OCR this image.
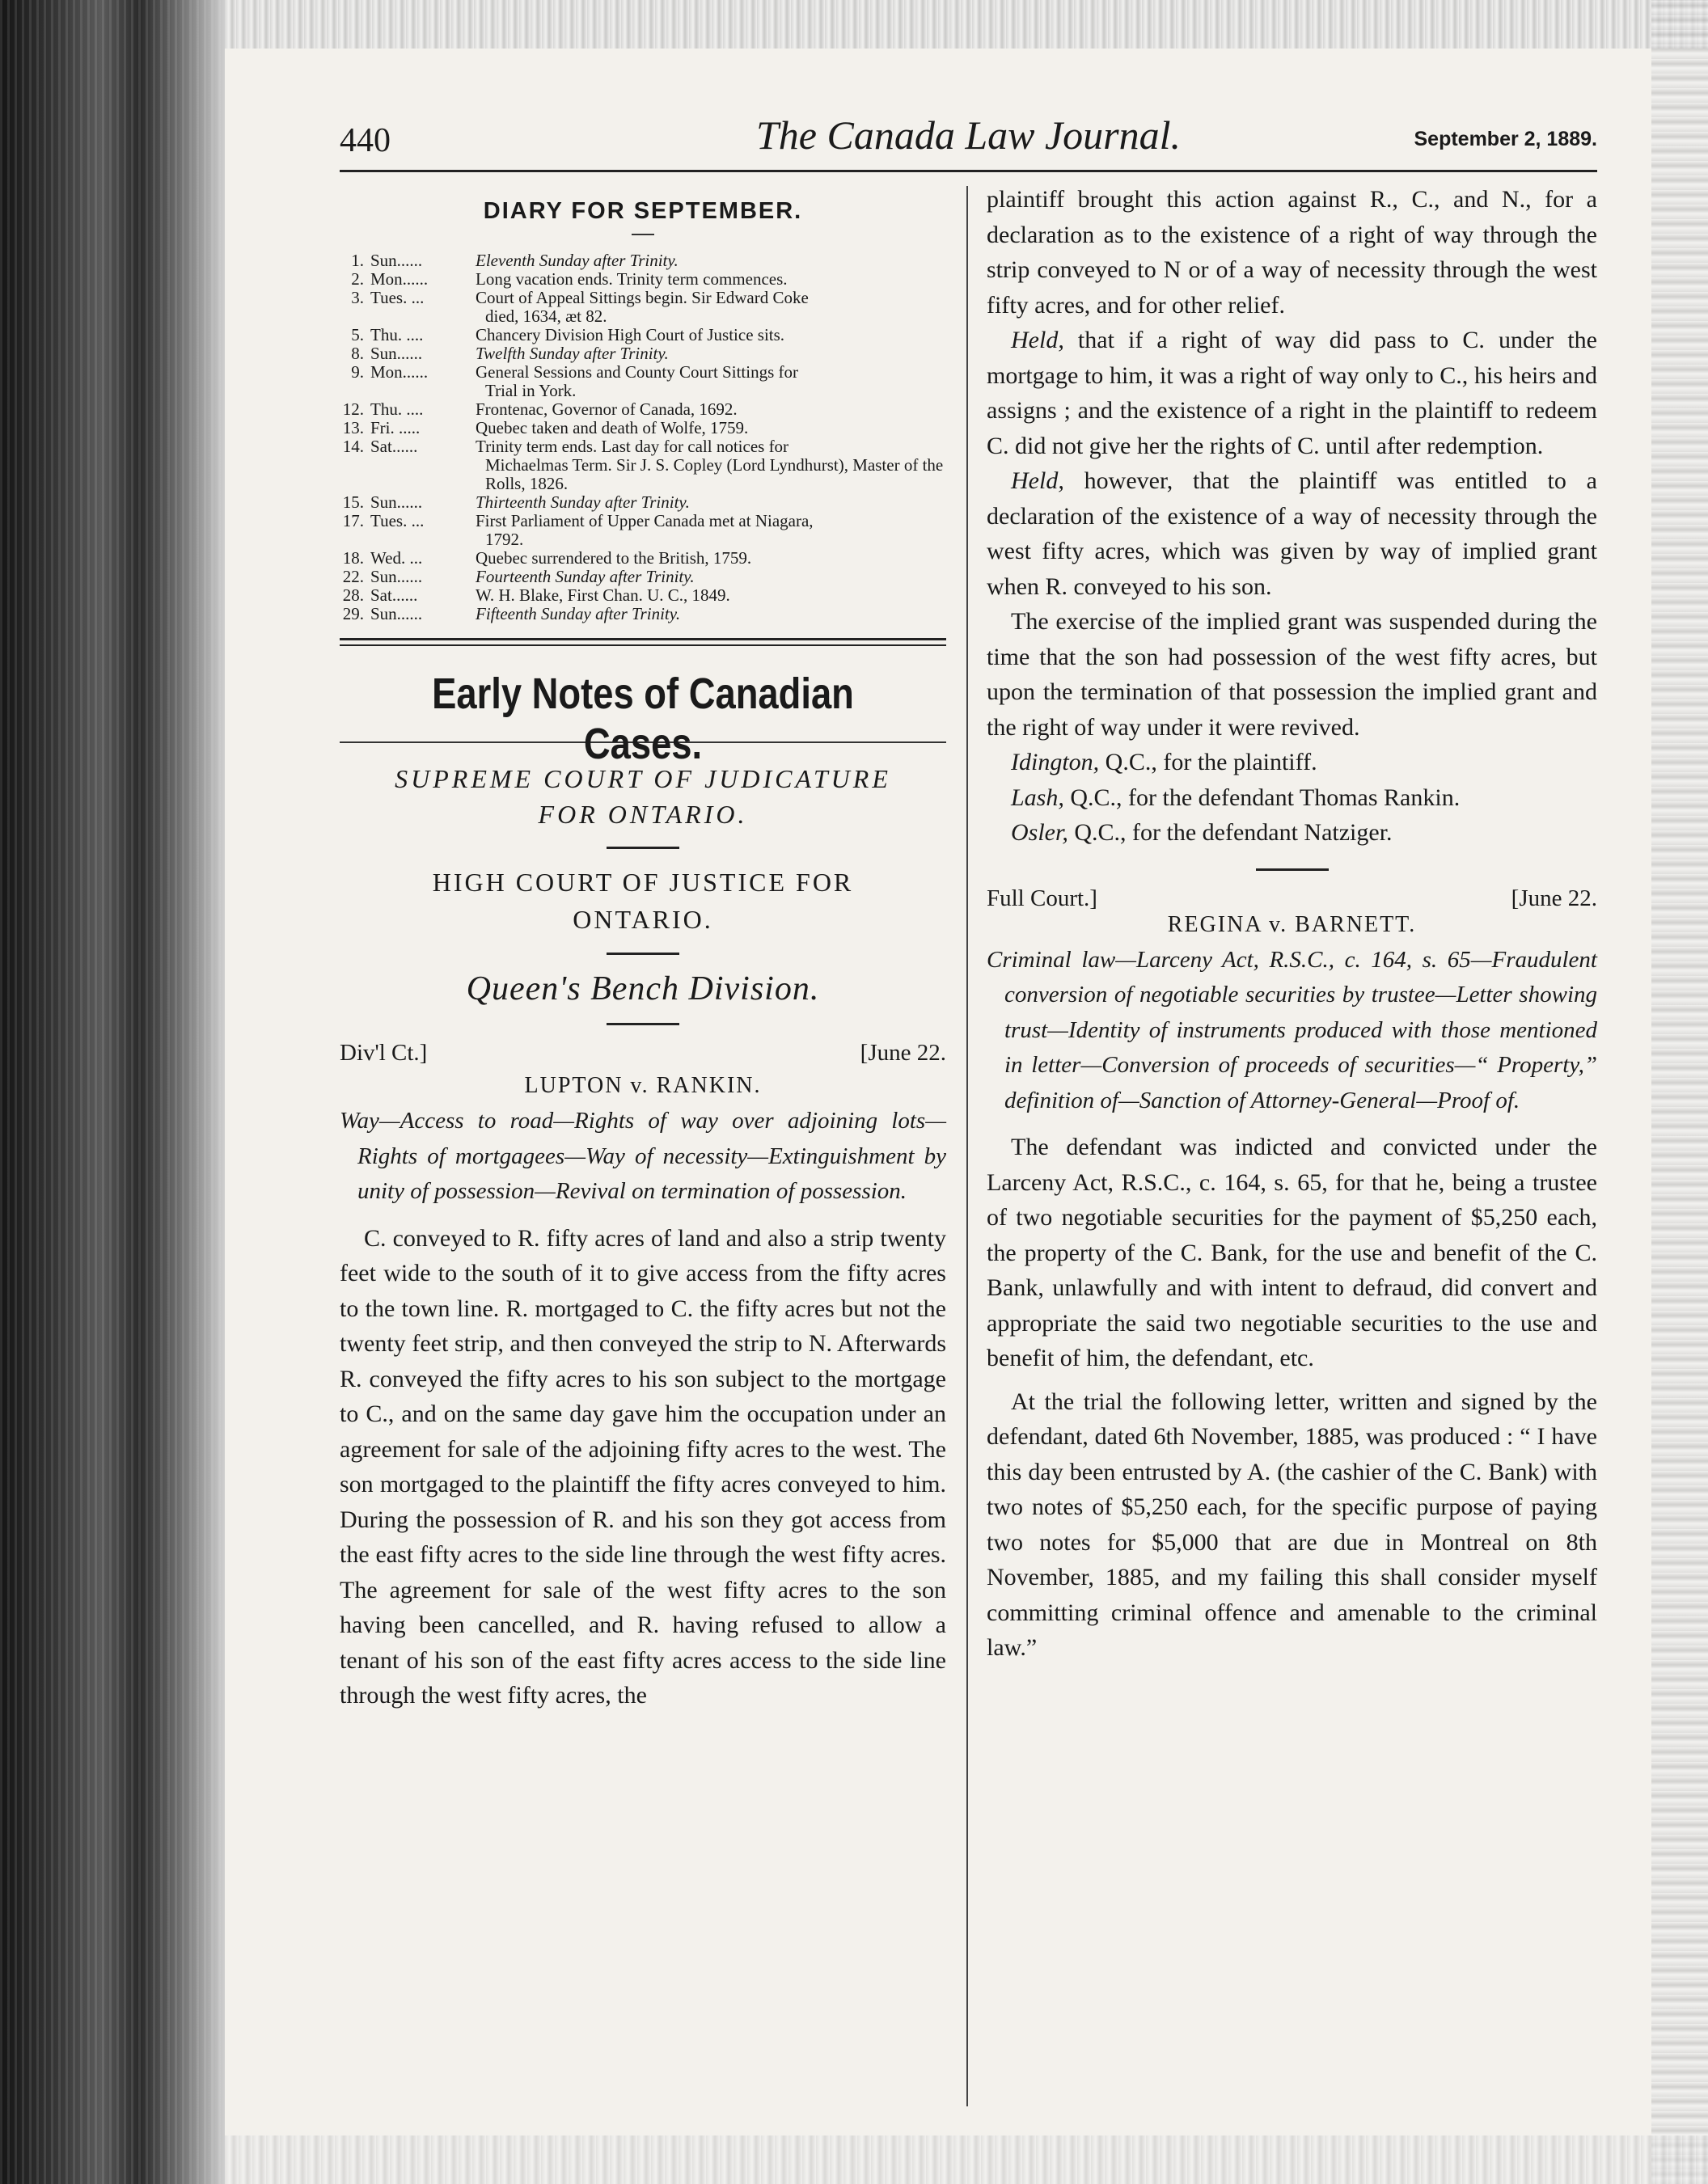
440	The Canada Law Journal.	September 2, 1889.
DIARY FOR SEPTEMBER.
1. Sun......	Eleventh Sunday after Trinity.
2. Mon......	Long vacation ends. Trinity term commences.
3. Tues. ...	Court of Appeal Sittings begin. Sir Edward Coke
died, 1634, æt 82.
5. Thu. ....	Chancery Division High Court of Justice sits.
8. Sun......	Twelfth Sunday after Trinity.
9. Mon......	General Sessions and County Court Sittings for
Trial in York.
12. Thu. ....	Frontenac, Governor of Canada, 1692.
13. Fri. .....	Quebec taken and death of Wolfe, 1759.
14. Sat......	Trinity term ends. Last day for call notices for
Michaelmas Term. Sir J. S. Copley (Lord Lyndhurst), Master of the Rolls, 1826.
15. Sun......	Thirteenth Sunday after Trinity.
17. Tues. ...	First Parliament of Upper Canada met at Niagara,
1792.
18. Wed. ...	Quebec surrendered to the British, 1759.
22. Sun......	Fourteenth Sunday after Trinity.
28. Sat......	W. H. Blake, First Chan. U. C., 1849.
29. Sun......	Fifteenth Sunday after Trinity.
Early Notes of Canadian Cases.
SUPREME COURT OF JUDICATURE
FOR ONTARIO.
HIGH COURT OF JUSTICE FOR
ONTARIO.
Queen's Bench Division.
Div'l Ct.]	[June 22.
LUPTON v. RANKIN.
Way—Access to road—Rights of way over adjoining lots—Rights of mortgagees—Way of necessity—Extinguishment by unity of possession—Revival on termination of possession.

C. conveyed to R. fifty acres of land and also a strip twenty feet wide to the south of it to give access from the fifty acres to the town line. R. mortgaged to C. the fifty acres but not the twenty feet strip, and then conveyed the strip to N. Afterwards R. conveyed the fifty acres to his son subject to the mortgage to C., and on the same day gave him the occupation under an agreement for sale of the adjoining fifty acres to the west. The son mortgaged to the plaintiff the fifty acres conveyed to him. During the possession of R. and his son they got access from the east fifty acres to the side line through the west fifty acres. The agreement for sale of the west fifty acres to the son having been cancelled, and R. having refused to allow a tenant of his son of the east fifty acres access to the side line through the west fifty acres, the

plaintiff brought this action against R., C., and N., for a declaration as to the existence of a right of way through the strip conveyed to N or of a way of necessity through the west fifty acres, and for other relief.

Held, that if a right of way did pass to C. under the mortgage to him, it was a right of way only to C., his heirs and assigns ; and the existence of a right in the plaintiff to redeem C. did not give her the rights of C. until after redemption.

Held, however, that the plaintiff was entitled to a declaration of the existence of a way of necessity through the west fifty acres, which was given by way of implied grant when R. conveyed to his son.

The exercise of the implied grant was suspended during the time that the son had possession of the west fifty acres, but upon the termination of that possession the implied grant and the right of way under it were revived.

Idington, Q.C., for the plaintiff.
Lash, Q.C., for the defendant Thomas Rankin.
Osler, Q.C., for the defendant Natziger.
Full Court.]	[June 22.
REGINA v. BARNETT.
Criminal law—Larceny Act, R.S.C., c. 164, s. 65—Fraudulent conversion of negotiable securities by trustee—Letter showing trust—Identity of instruments produced with those mentioned in letter—Conversion of proceeds of securities—“ Property,” definition of—Sanction of Attorney-General—Proof of.

The defendant was indicted and convicted under the Larceny Act, R.S.C., c. 164, s. 65, for that he, being a trustee of two negotiable securities for the payment of $5,250 each, the property of the C. Bank, for the use and benefit of the C. Bank, unlawfully and with intent to defraud, did convert and appropriate the said two negotiable securities to the use and benefit of him, the defendant, etc.

At the trial the following letter, written and signed by the defendant, dated 6th November, 1885, was produced : “ I have this day been entrusted by A. (the cashier of the C. Bank) with two notes of $5,250 each, for the specific purpose of paying two notes for $5,000 that are due in Montreal on 8th November, 1885, and my failing this shall consider myself committing criminal offence and amenable to the criminal law.”
